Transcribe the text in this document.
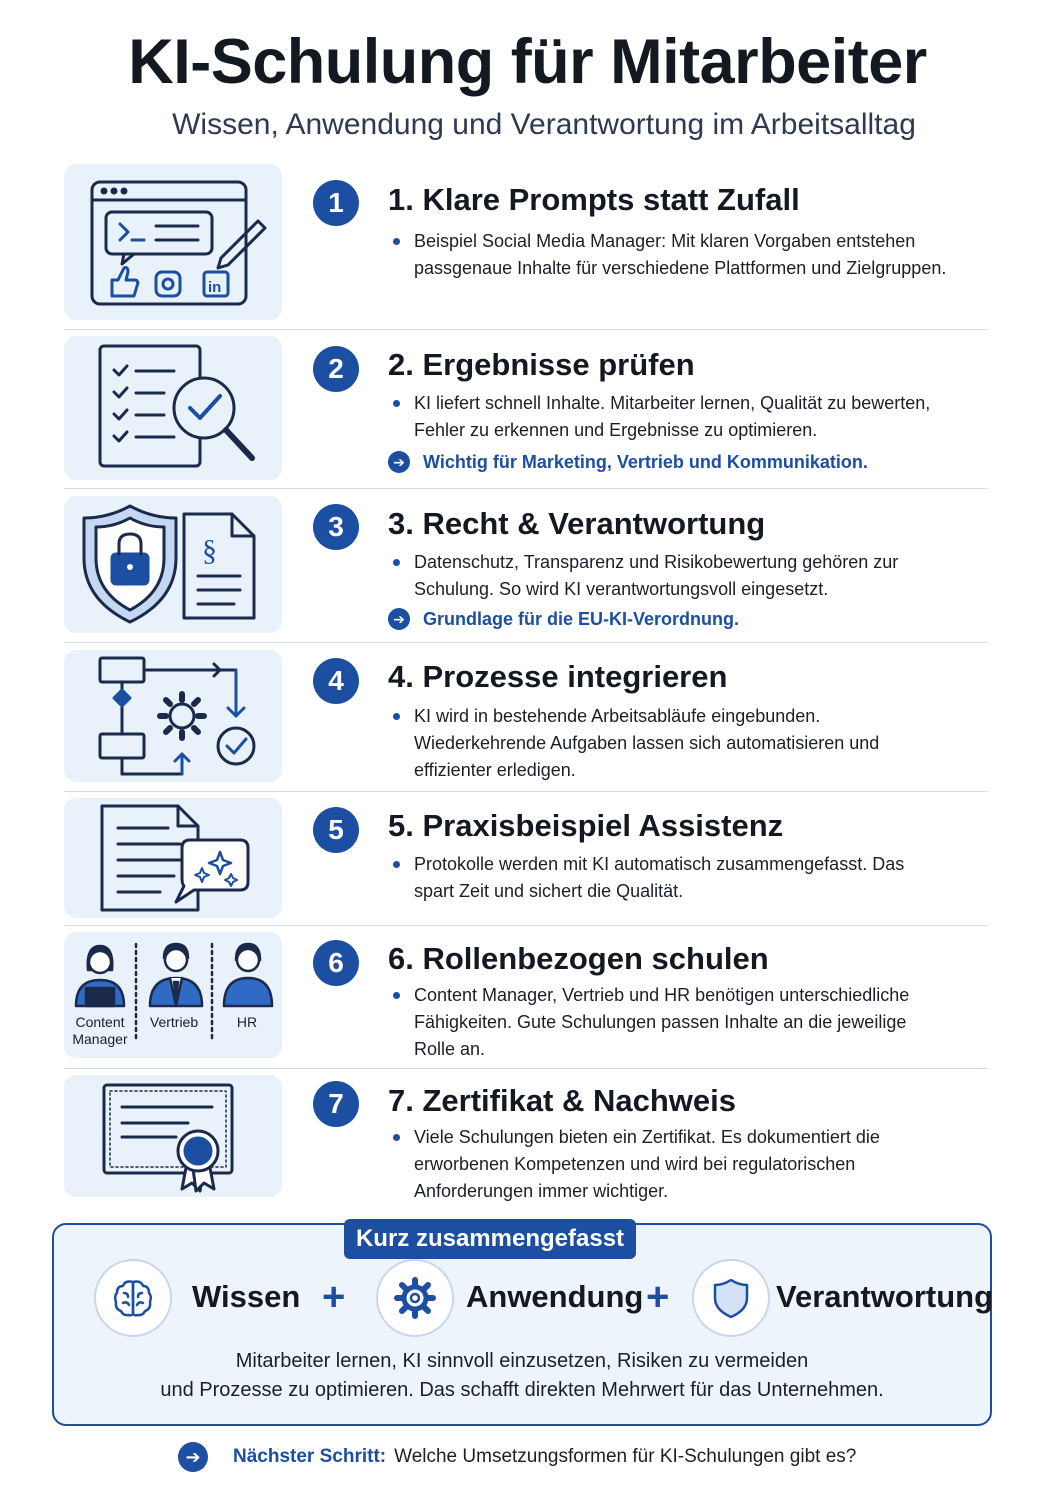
KI-Schulung für Mitarbeiter
Wissen, Anwendung und Verantwortung im Arbeitsalltag
in
1	1. Klare Prompts statt Zufall
Beispiel Social Media Manager: Mit klaren Vorgaben entstehen passgenaue Inhalte für verschiedene Plattformen und Zielgruppen.
2	2. Ergebnisse prüfen
KI liefert schnell Inhalte. Mitarbeiter lernen, Qualität zu bewerten, Fehler zu erkennen und Ergebnisse zu optimieren.
➔ Wichtig für Marketing, Vertrieb und Kommunikation.
§
3	3. Recht & Verantwortung
Datenschutz, Transparenz und Risikobewertung gehören zur Schulung. So wird KI verantwortungsvoll eingesetzt.
➔ Grundlage für die EU-KI-Verordnung.
4	4. Prozesse integrieren
KI wird in bestehende Arbeitsabläufe eingebunden. Wiederkehrende Aufgaben lassen sich automatisieren und effizienter erledigen.
5	5. Praxisbeispiel Assistenz
Protokolle werden mit KI automatisch zusammengefasst. Das spart Zeit und sichert die Qualität.
Content Manager
Vertrieb	HR
6	6. Rollenbezogen schulen
Content Manager, Vertrieb und HR benötigen unterschiedliche Fähigkeiten. Gute Schulungen passen Inhalte an die jeweilige Rolle an.
7	7. Zertifikat & Nachweis
Viele Schulungen bieten ein Zertifikat. Es dokumentiert die erworbenen Kompetenzen und wird bei regulatorischen Anforderungen immer wichtiger.
Kurz zusammengefasst
Wissen +	Anwendung +	Verantwortung
Mitarbeiter lernen, KI sinnvoll einzusetzen, Risiken zu vermeiden
und Prozesse zu optimieren. Das schafft direkten Mehrwert für das Unternehmen.
➔	Nächster Schritt: Welche Umsetzungsformen für KI-Schulungen gibt es?
